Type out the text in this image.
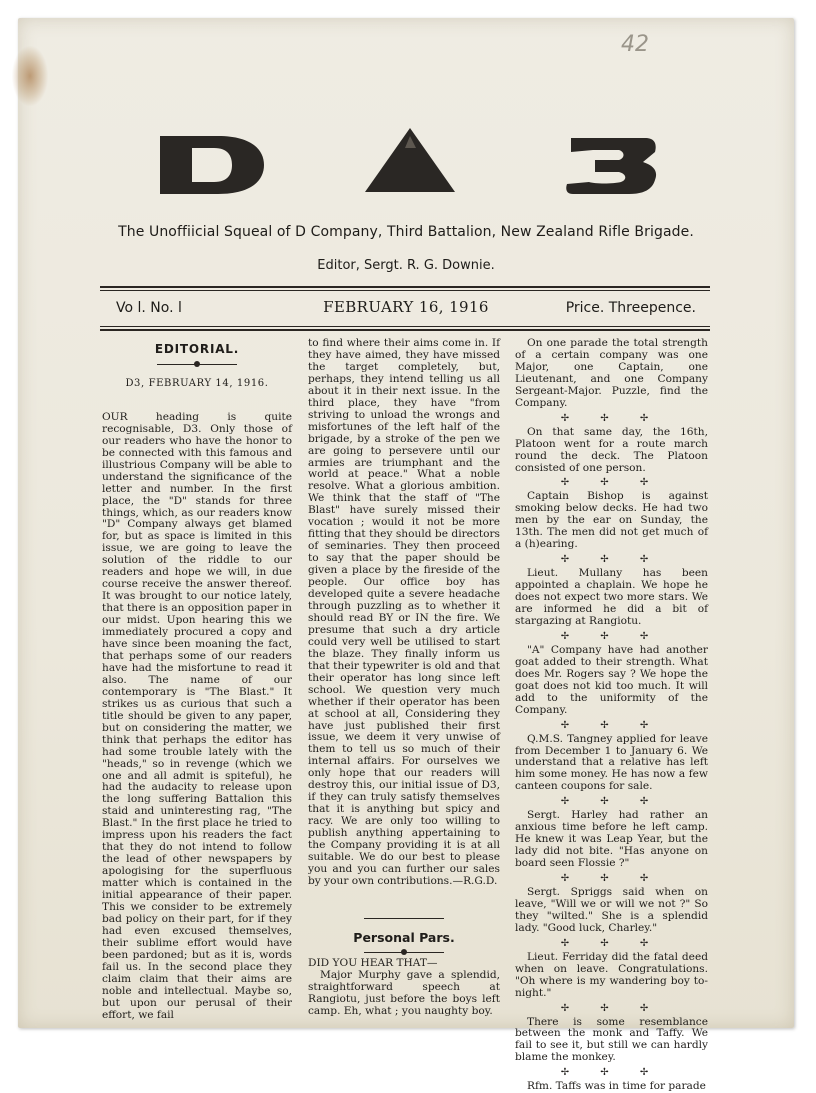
42
The Unoffiicial Squeal of D Company, Third Battalion, New Zealand Rifle Brigade.
Editor, Sergt. R. G. Downie.
Vo l. No. l	FEBRUARY 16, 1916	Price. Threepence.
EDITORIAL.
D3, FEBRUARY 14, 1916.

OUR heading is quite recognisable, D3. Only those of our readers who have the honor to be connected with this famous and illustrious Company will be able to understand the significance of the letter and number. In the first place, the "D" stands for three things, which, as our readers know "D" Company always get blamed for, but as space is limited in this issue, we are going to leave the solution of the riddle to our readers and hope we will, in due course receive the answer thereof. It was brought to our notice lately, that there is an opposition paper in our midst. Upon hearing this we immediately procured a copy and have since been moaning the fact, that perhaps some of our readers have had the misfortune to read it also. The name of our contemporary is "The Blast." It strikes us as curious that such a title should be given to any paper, but on considering the matter, we think that perhaps the editor has had some trouble lately with the "heads," so in revenge (which we one and all admit is spiteful), he had the audacity to release upon the long suffering Battalion this staid and uninteresting rag, "The Blast." In the first place he tried to impress upon his readers the fact that they do not intend to follow the lead of other newspapers by apologising for the superfluous matter which is contained in the initial appearance of their paper. This we consider to be extremely bad policy on their part, for if they had even excused themselves, their sublime effort would have been pardoned; but as it is, words fail us. In the second place they claim claim that their aims are noble and intellectual. Maybe so, but upon our perusal of their effort, we fail

to find where their aims come in. If they have aimed, they have missed the target completely, but, perhaps, they intend telling us all about it in their next issue. In the third place, they have "from striving to unload the wrongs and misfortunes of the left half of the brigade, by a stroke of the pen we are going to persevere until our armies are triumphant and the world at peace." What a noble resolve. What a glorious ambition. We think that the staff of "The Blast" have surely missed their vocation ; would it not be more fitting that they should be directors of seminaries. They then proceed to say that the paper should be given a place by the fireside of the people. Our office boy has developed quite a severe headache through puzzling as to whether it should read BY or IN the fire. We presume that such a dry article could very well be utilised to start the blaze. They finally inform us that their typewriter is old and that their operator has long since left school. We question very much whether if their operator has been at school at all, Considering they have just published their first issue, we deem it very unwise of them to tell us so much of their internal affairs. For ourselves we only hope that our readers will destroy this, our initial issue of D3, if they can truly satisfy themselves that it is anything but spicy and racy. We are only too willing to publish anything appertaining to the Company providing it is at all suitable. We do our best to please you and you can further our sales by your own contributions.—R.G.D.

Personal Pars.

DID YOU HEAR THAT—

Major Murphy gave a splendid, straightforward speech at Rangiotu, just before the boys left camp. Eh, what ; you naughty boy.

On one parade the total strength of a certain company was one Major, one Captain, one Lieutenant, and one Company Sergeant-Major. Puzzle, find the Company.

✢ ✢ ✢

On that same day, the 16th, Platoon went for a route march round the deck. The Platoon consisted of one person.

✢ ✢ ✢

Captain Bishop is against smoking below decks. He had two men by the ear on Sunday, the 13th. The men did not get much of a (h)earing.

✢ ✢ ✢

Lieut. Mullany has been appointed a chaplain. We hope he does not expect two more stars. We are informed he did a bit of stargazing at Rangiotu.

✢ ✢ ✢

"A" Company have had another goat added to their strength. What does Mr. Rogers say ? We hope the goat does not kid too much. It will add to the uniformity of the Company.

✢ ✢ ✢

Q.M.S. Tangney applied for leave from December 1 to January 6. We understand that a relative has left him some money. He has now a few canteen coupons for sale.

✢ ✢ ✢

Sergt. Harley had rather an anxious time before he left camp. He knew it was Leap Year, but the lady did not bite. "Has anyone on board seen Flossie ?"

✢ ✢ ✢

Sergt. Spriggs said when on leave, "Will we or will we not ?" So they "wilted." She is a splendid lady. "Good luck, Charley."

✢ ✢ ✢

Lieut. Ferriday did the fatal deed when on leave. Congratulations. "Oh where is my wandering boy to-night."

✢ ✢ ✢

There is some resemblance between the monk and Taffy. We fail to see it, but still we can hardly blame the monkey.

✢ ✢ ✢

Rfm. Taffs was in time for parade
